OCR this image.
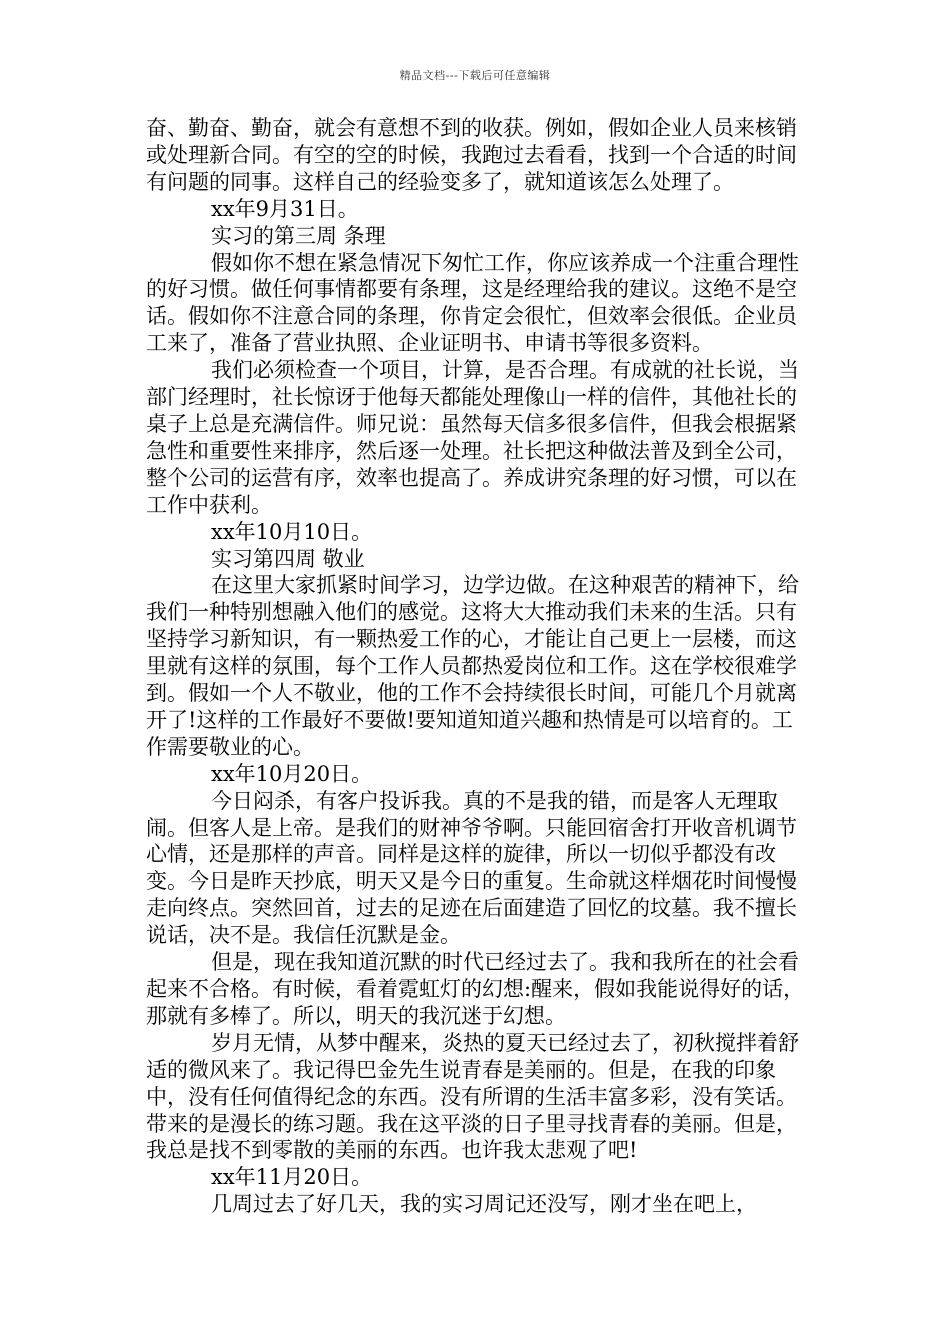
精品文档---下载后可任意编辑

奋、勤奋、勤奋，就会有意想不到的收获。例如，假如企业人员来核销或处理新合同。有空的空的时候，我跑过去看看，找到一个合适的时间有问题的同事。这样自己的经验变多了，就知道该怎么处理了。

xx年9月31日。

实习的第三周 条理

假如你不想在紧急情况下匆忙工作，你应该养成一个注重合理性的好习惯。做任何事情都要有条理，这是经理给我的建议。这绝不是空话。假如你不注意合同的条理，你肯定会很忙，但效率会很低。企业员工来了，准备了营业执照、企业证明书、申请书等很多资料。

我们必须检查一个项目，计算，是否合理。有成就的社长说，当部门经理时，社长惊讶于他每天都能处理像山一样的信件，其他社长的桌子上总是充满信件。师兄说：虽然每天信多很多信件，但我会根据紧急性和重要性来排序，然后逐一处理。社长把这种做法普及到全公司，整个公司的运营有序，效率也提高了。养成讲究条理的好习惯，可以在工作中获利。

xx年10月10日。

实习第四周 敬业

在这里大家抓紧时间学习，边学边做。在这种艰苦的精神下，给我们一种特别想融入他们的感觉。这将大大推动我们未来的生活。只有坚持学习新知识，有一颗热爱工作的心，才能让自己更上一层楼，而这里就有这样的氛围，每个工作人员都热爱岗位和工作。这在学校很难学到。假如一个人不敬业，他的工作不会持续很长时间，可能几个月就离开了!这样的工作最好不要做!要知道知道兴趣和热情是可以培育的。工作需要敬业的心。

xx年10月20日。

今日闷杀，有客户投诉我。真的不是我的错，而是客人无理取闹。但客人是上帝。是我们的财神爷爷啊。只能回宿舍打开收音机调节心情，还是那样的声音。同样是这样的旋律，所以一切似乎都没有改变。今日是昨天抄底，明天又是今日的重复。生命就这样烟花时间慢慢走向终点。突然回首，过去的足迹在后面建造了回忆的坟墓。我不擅长说话，决不是。我信任沉默是金。

但是，现在我知道沉默的时代已经过去了。我和我所在的社会看起来不合格。有时候，看着霓虹灯的幻想:醒来，假如我能说得好的话，那就有多棒了。所以，明天的我沉迷于幻想。

岁月无情，从梦中醒来，炎热的夏天已经过去了，初秋搅拌着舒适的微风来了。我记得巴金先生说青春是美丽的。但是，在我的印象中，没有任何值得纪念的东西。没有所谓的生活丰富多彩，没有笑话。带来的是漫长的练习题。我在这平淡的日子里寻找青春的美丽。但是，我总是找不到零散的美丽的东西。也许我太悲观了吧!

xx年11月20日。

几周过去了好几天，我的实习周记还没写，刚才坐在吧上，
